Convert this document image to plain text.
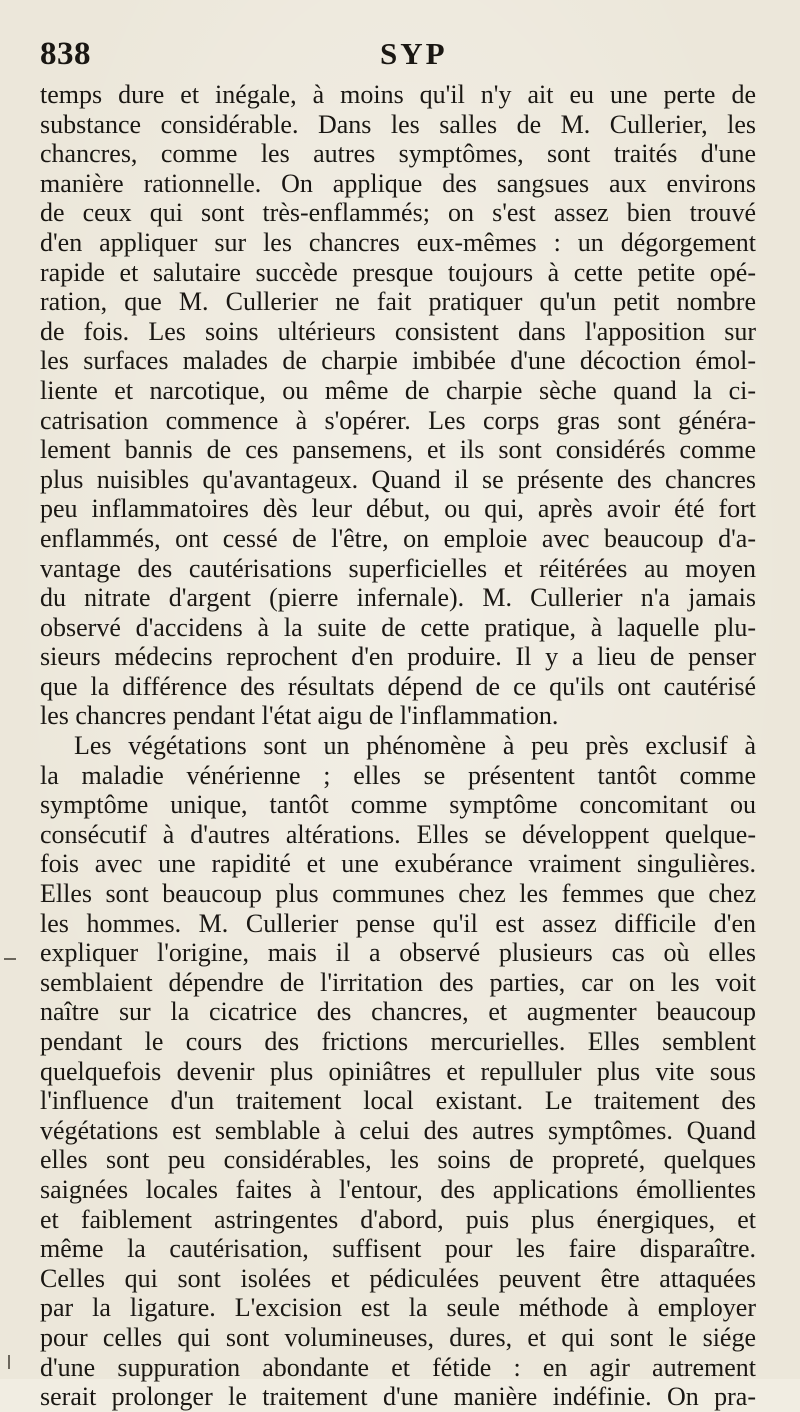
838	SYP
temps dure et inégale, à moins qu'il n'y ait eu une perte de
substance considérable. Dans les salles de M. Cullerier, les
chancres, comme les autres symptômes, sont traités d'une
manière rationnelle. On applique des sangsues aux environs
de ceux qui sont très-enflammés; on s'est assez bien trouvé
d'en appliquer sur les chancres eux-mêmes : un dégorgement
rapide et salutaire succède presque toujours à cette petite opé-
ration, que M. Cullerier ne fait pratiquer qu'un petit nombre
de fois. Les soins ultérieurs consistent dans l'apposition sur
les surfaces malades de charpie imbibée d'une décoction émol-
liente et narcotique, ou même de charpie sèche quand la ci-
catrisation commence à s'opérer. Les corps gras sont généra-
lement bannis de ces pansemens, et ils sont considérés comme
plus nuisibles qu'avantageux. Quand il se présente des chancres
peu inflammatoires dès leur début, ou qui, après avoir été fort
enflammés, ont cessé de l'être, on emploie avec beaucoup d'a-
vantage des cautérisations superficielles et réitérées au moyen
du nitrate d'argent (pierre infernale). M. Cullerier n'a jamais
observé d'accidens à la suite de cette pratique, à laquelle plu-
sieurs médecins reprochent d'en produire. Il y a lieu de penser
que la différence des résultats dépend de ce qu'ils ont cautérisé
les chancres pendant l'état aigu de l'inflammation.
Les végétations sont un phénomène à peu près exclusif à
la maladie vénérienne ; elles se présentent tantôt comme
symptôme unique, tantôt comme symptôme concomitant ou
consécutif à d'autres altérations. Elles se développent quelque-
fois avec une rapidité et une exubérance vraiment singulières.
Elles sont beaucoup plus communes chez les femmes que chez
les hommes. M. Cullerier pense qu'il est assez difficile d'en
expliquer l'origine, mais il a observé plusieurs cas où elles
semblaient dépendre de l'irritation des parties, car on les voit
naître sur la cicatrice des chancres, et augmenter beaucoup
pendant le cours des frictions mercurielles. Elles semblent
quelquefois devenir plus opiniâtres et repulluler plus vite sous
l'influence d'un traitement local existant. Le traitement des
végétations est semblable à celui des autres symptômes. Quand
elles sont peu considérables, les soins de propreté, quelques
saignées locales faites à l'entour, des applications émollientes
et faiblement astringentes d'abord, puis plus énergiques, et
même la cautérisation, suffisent pour les faire disparaître.
Celles qui sont isolées et pédiculées peuvent être attaquées
par la ligature. L'excision est la seule méthode à employer
pour celles qui sont volumineuses, dures, et qui sont le siége
d'une suppuration abondante et fétide : en agir autrement
serait prolonger le traitement d'une manière indéfinie. On pra-
